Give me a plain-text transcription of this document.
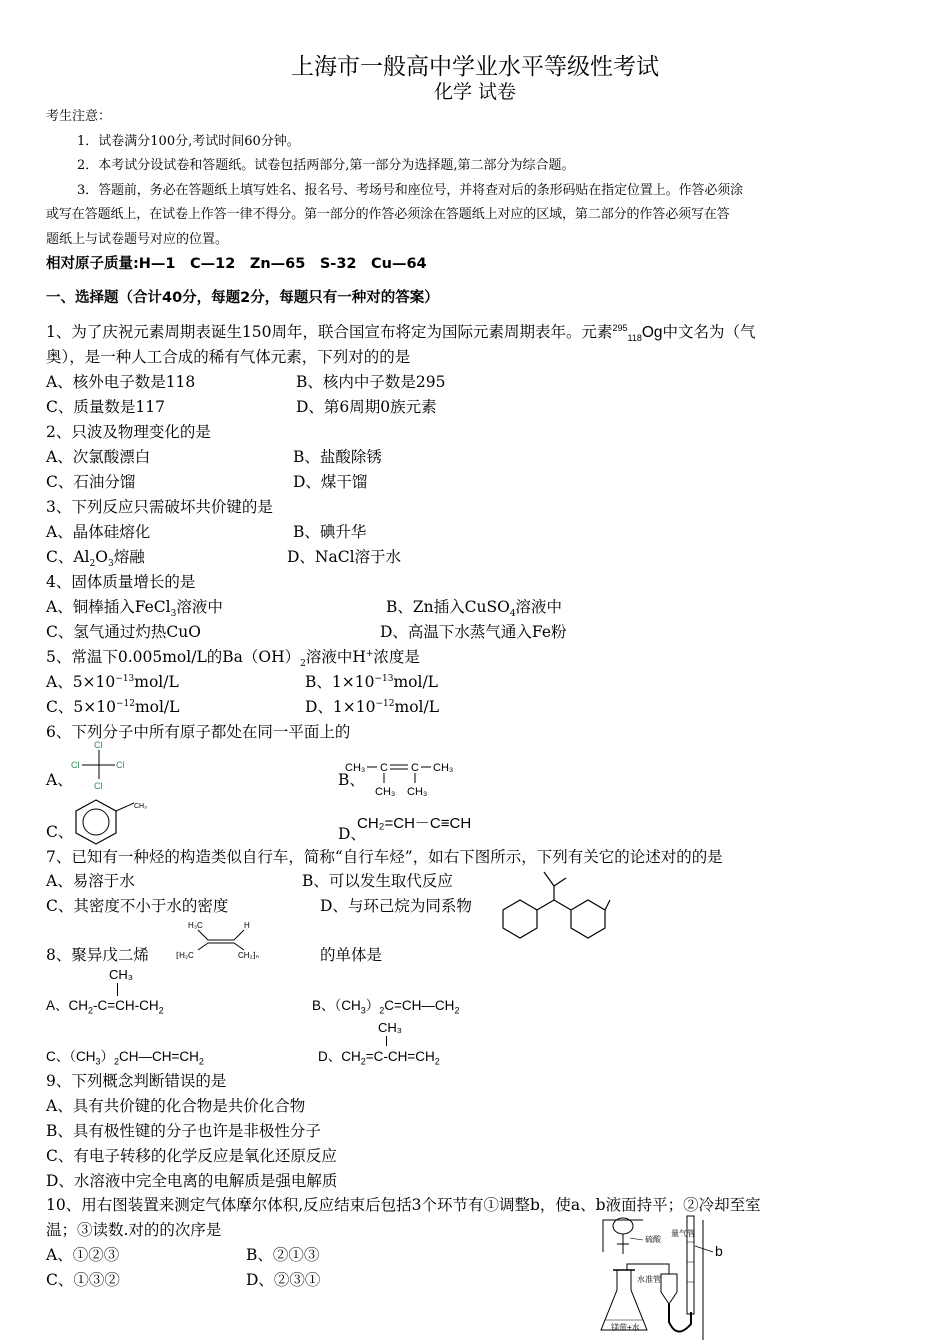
上海市一般高中学业水平等级性考试
化学 试卷
考生注意：
1．试卷满分100分,考试时间60分钟。
2．本考试分设试卷和答题纸。试卷包括两部分,第一部分为选择题,第二部分为综合题。
3．答题前，务必在答题纸上填写姓名、报名号、考场号和座位号，并将查对后的条形码贴在指定位置上。作答必须涂
或写在答题纸上，在试卷上作答一律不得分。第一部分的作答必须涂在答题纸上对应的区域，第二部分的作答必须写在答
题纸上与试卷题号对应的位置。
相对原子质量:H—1　C—12　Zn—65　S-32　Cu—64
一、选择题（合计40分，每题2分，每题只有一种对的答案）
1、为了庆祝元素周期表诞生150周年，联合国宣布将定为国际元素周期表年。元素$^{295}_{118}$Og中文名为（气
奥），是一种人工合成的稀有气体元素，下列对的的是
A、核外电子数是118	B、核内中子数是295
C、质量数是117	D、第6周期0族元素
2、只波及物理变化的是
A、次氯酸漂白	B、盐酸除锈
C、石油分馏	D、煤干馏
3、下列反应只需破坏共价键的是
A、晶体硅熔化	B、碘升华
C、$Al_2O_3$熔融	D、NaCl溶于水
4、固体质量增长的是
A、铜棒插入FeCl$_3$溶液中	B、Zn插入CuSO$_4$溶液中
C、氢气通过灼热CuO	D、高温下水蒸气通入Fe粉
5、常温下0.005mol/L的$Ba(OH)_2$溶液中H+浓度是
A、$5\times 10^{-13}mol/L$	B、$1\times 10^{-13}mol/L$
C、$5\times 10^{-12}mol/L$	D、$1\times 10^{-12}mol/L$
6、下列分子中所有原子都处在同一平面上的
A、
Cl
Cl	Cl
Cl	B、
CH₃ C C CH₃
CH₃ CH₃
C、
CH₃
D、
CH₂=CH－C≡CH
7、已知有一种烃的构造类似自行车，简称“自行车烃”，如右下图所示，下列有关它的论述对的的是
A、易溶于水	B、可以发生取代反应
C、其密度不小于水的密度	D、与环己烷为同系物
8、聚异戊二烯
H₃C	H
⁅H₂C	CH₂⁆ₙ	的单体是
CH₃
A、$CH_2-C=CH-CH_2$	B、$(CH_3)_2C=CH—CH_2$
CH₃
C、$(CH_3)_2CH—CH=CH_2$	D、$CH_2=C-CH=CH_2$
9、下列概念判断错误的是
A、具有共价键的化合物是共价化合物
B、具有极性键的分子也许是非极性分子
C、有电子转移的化学反应是氧化还原反应
D、水溶液中完全电离的电解质是强电解质
10、用右图装置来测定气体摩尔体积,反应结束后包括3个环节有①调整b，使a、b液面持平；②冷却至室
温；③读数.对的的次序是
A、①②③	B、②①③
C、①③②	D、②③①
硫酸
镁带+水
水准管
量气管
b
